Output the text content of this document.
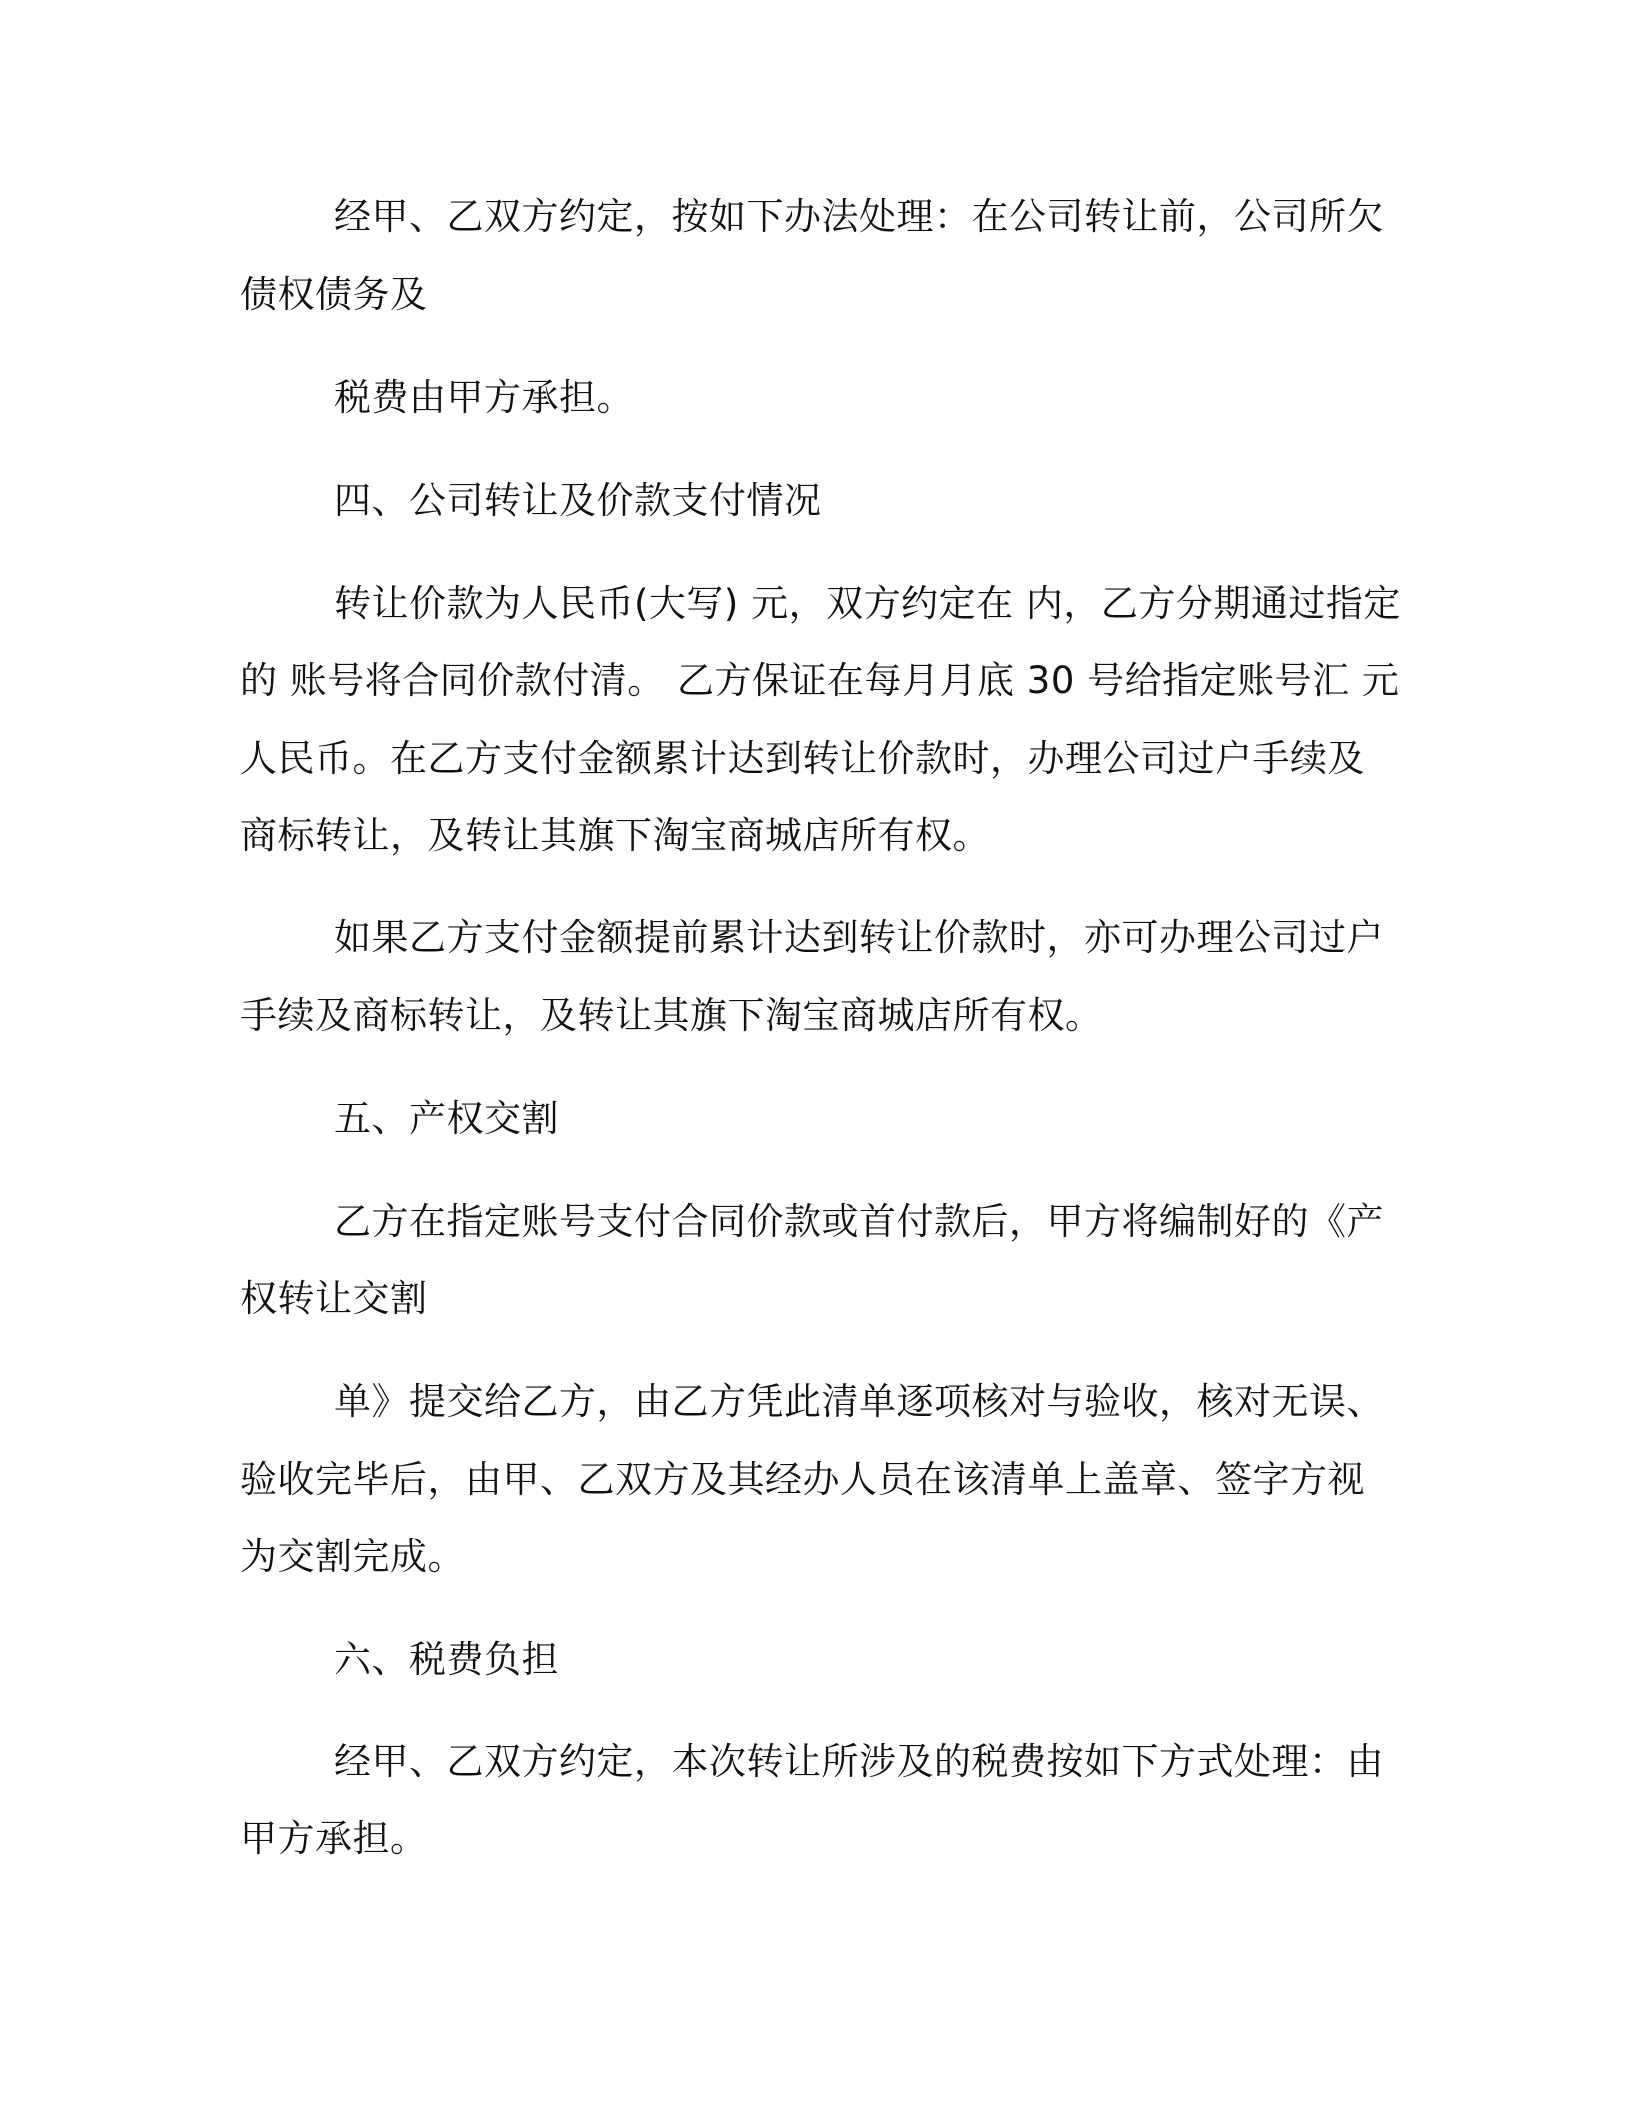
经甲、乙双方约定，按如下办法处理：在公司转让前，公司所欠
债权债务及
税费由甲方承担。
四、公司转让及价款支付情况
转让价款为人民币(大写) 元，双方约定在 内，乙方分期通过指定
的 账号将合同价款付清。 乙方保证在每月月底 30 号给指定账号汇 元
人民币。在乙方支付金额累计达到转让价款时，办理公司过户手续及
商标转让，及转让其旗下淘宝商城店所有权。
如果乙方支付金额提前累计达到转让价款时，亦可办理公司过户
手续及商标转让，及转让其旗下淘宝商城店所有权。
五、产权交割
乙方在指定账号支付合同价款或首付款后，甲方将编制好的《产
权转让交割
单》提交给乙方，由乙方凭此清单逐项核对与验收，核对无误、
验收完毕后，由甲、乙双方及其经办人员在该清单上盖章、签字方视
为交割完成。
六、税费负担
经甲、乙双方约定，本次转让所涉及的税费按如下方式处理：由
甲方承担。
